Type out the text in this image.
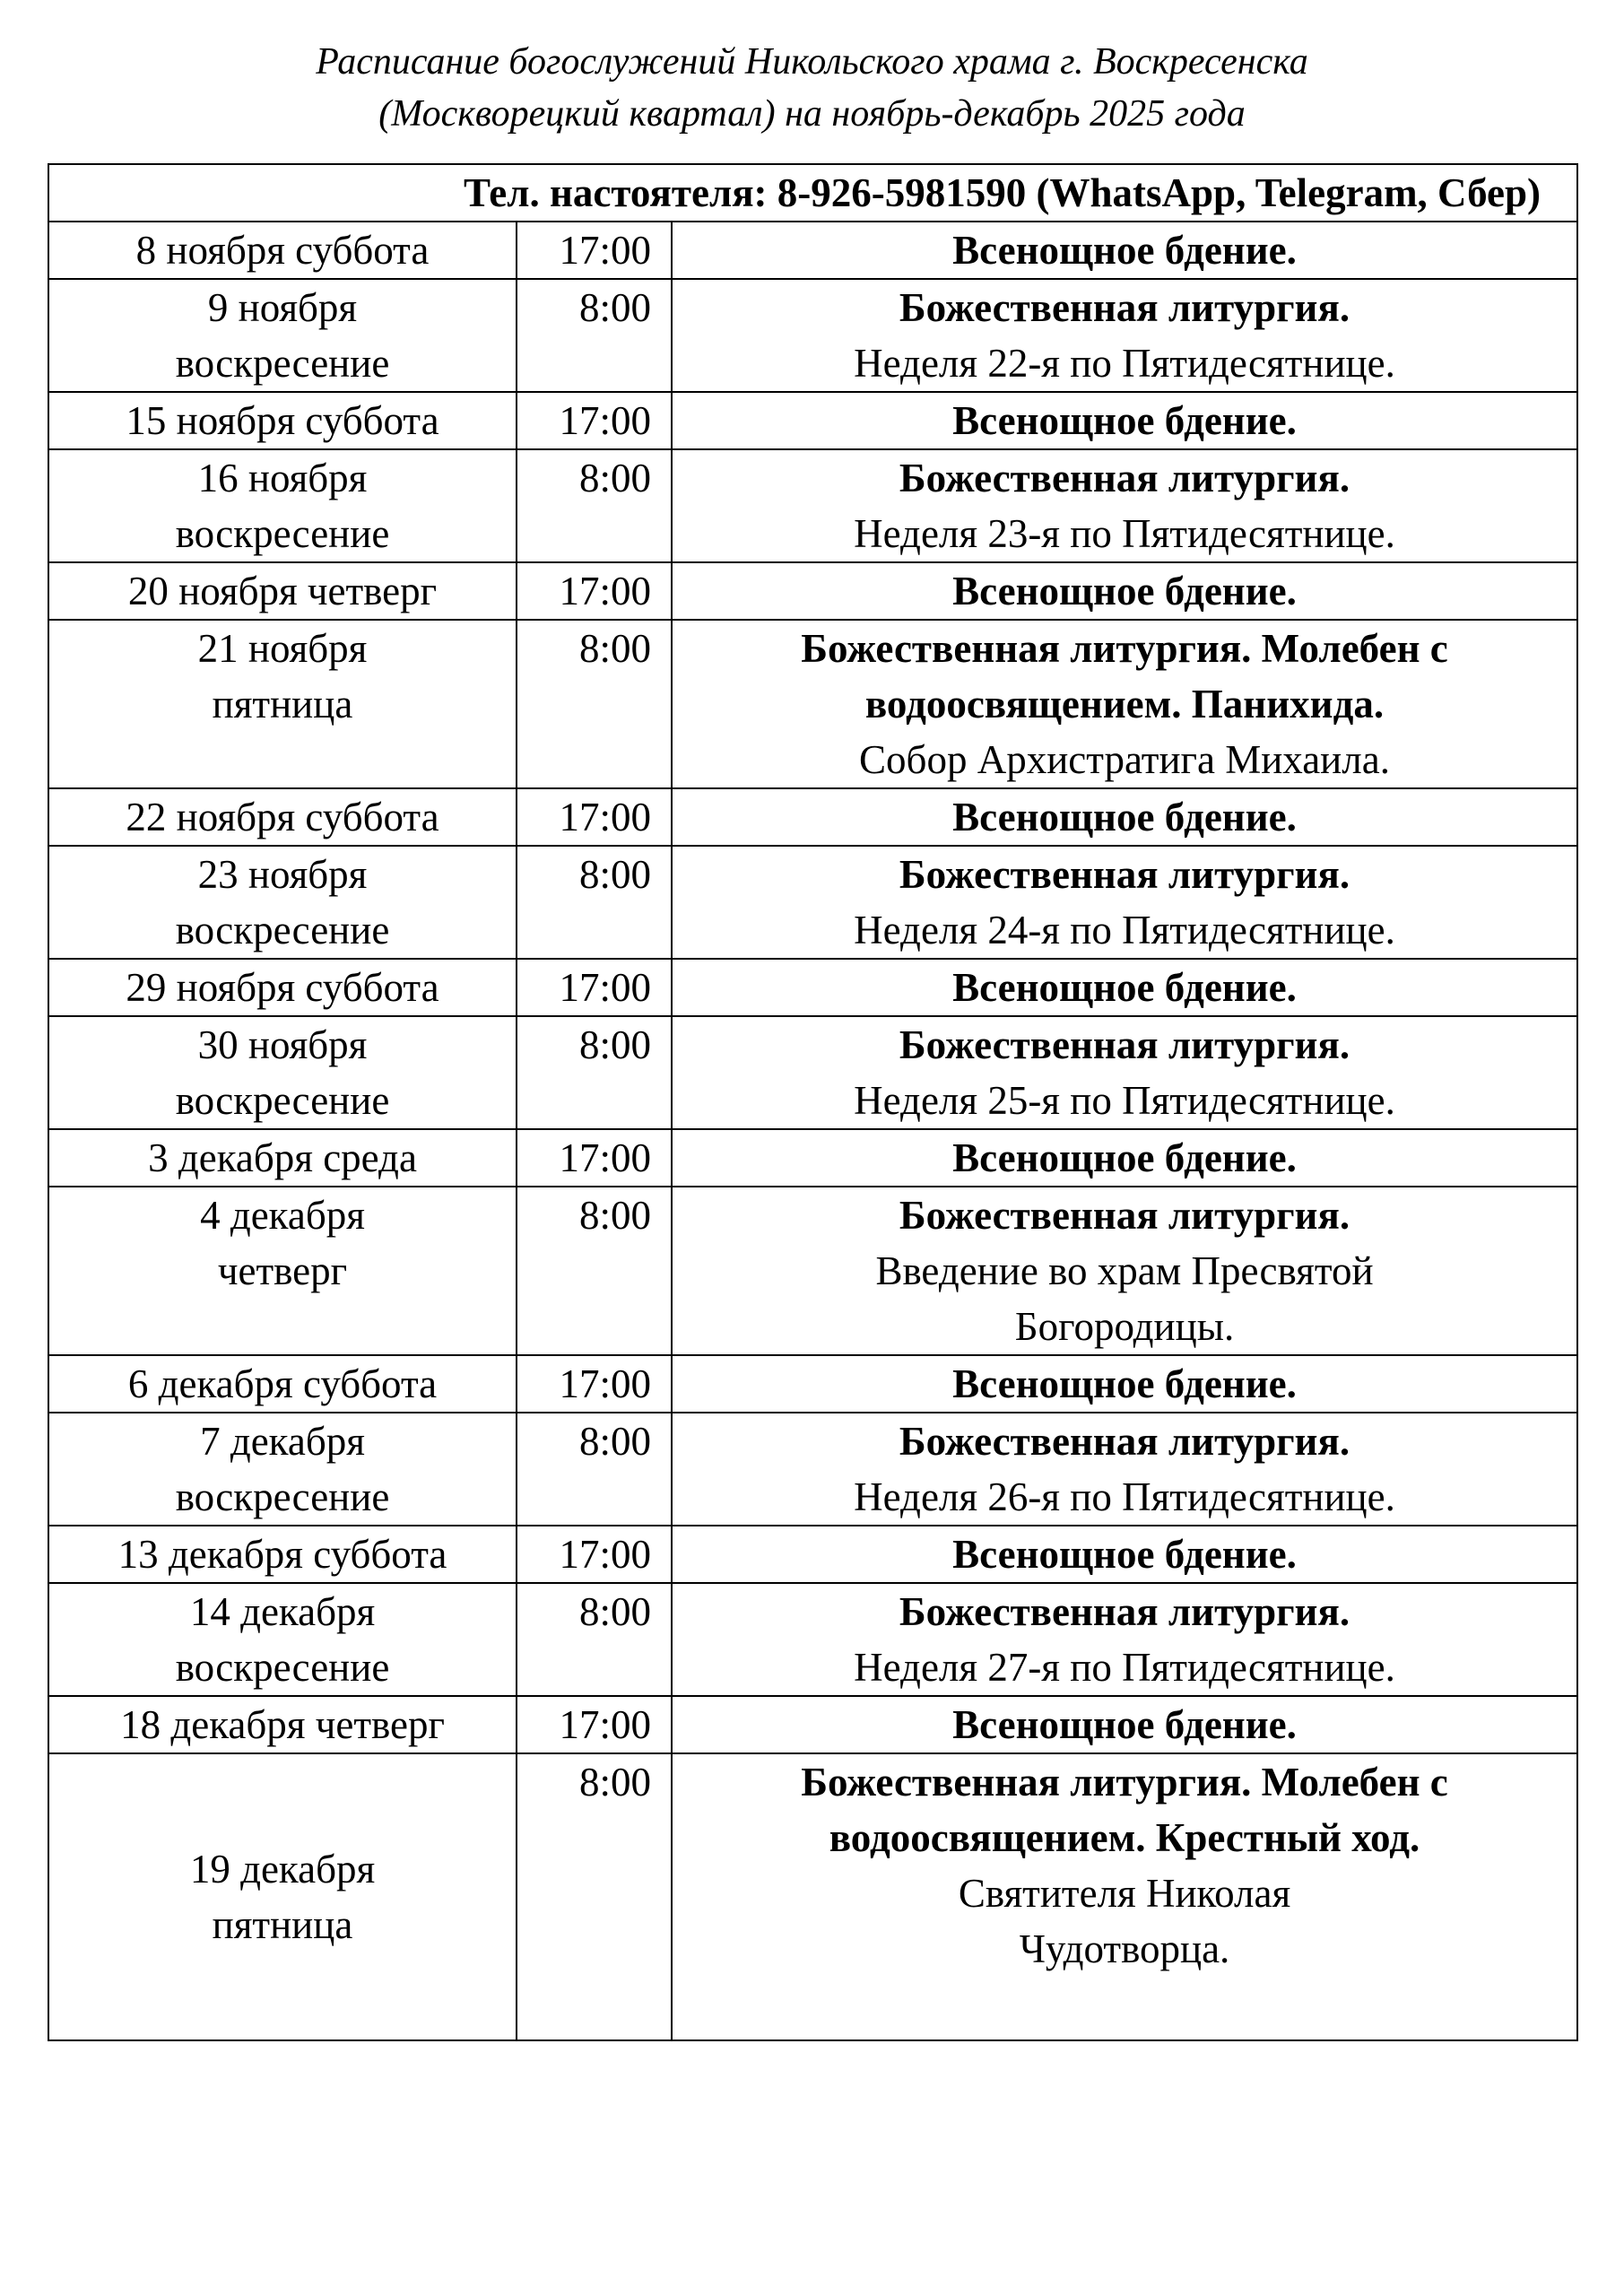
Расписание богослужений Никольского храма г. Воскресенска
(Москворецкий квартал) на ноябрь-декабрь 2025 года
Тел. настоятеля: 8-926-5981590 (WhatsApp, Telegram, Сбер)		

8 ноября суббота	17:00	Всенощное бдение.

9 ноября
воскресение	8:00	Божественная литургия.
Неделя 22-я по Пятидесятнице.

15 ноября суббота	17:00	Всенощное бдение.

16 ноября
воскресение	8:00	Божественная литургия.
Неделя 23-я по Пятидесятнице.

20 ноября четверг	17:00	Всенощное бдение.

21 ноября
пятница	8:00	Божественная литургия. Молебен с водоосвящением. Панихида.
Собор Архистратига Михаила.

22 ноября суббота	17:00	Всенощное бдение.

23 ноября
воскресение	8:00	Божественная литургия.
Неделя 24-я по Пятидесятнице.

29 ноября суббота	17:00	Всенощное бдение.

30 ноября
воскресение	8:00	Божественная литургия.
Неделя 25-я по Пятидесятнице.

3 декабря среда	17:00	Всенощное бдение.

4 декабря
четверг	8:00	Божественная литургия.
Введение во храм Пресвятой Богородицы.

6 декабря суббота	17:00	Всенощное бдение.

7 декабря
воскресение	8:00	Божественная литургия.
Неделя 26-я по Пятидесятнице.

13 декабря суббота	17:00	Всенощное бдение.

14 декабря
воскресение	8:00	Божественная литургия.
Неделя 27-я по Пятидесятнице.

18 декабря четверг	17:00	Всенощное бдение.

19 декабря
пятница	8:00	Божественная литургия. Молебен с водоосвящением. Крестный ход.
Святителя Николая Чудотворца.
